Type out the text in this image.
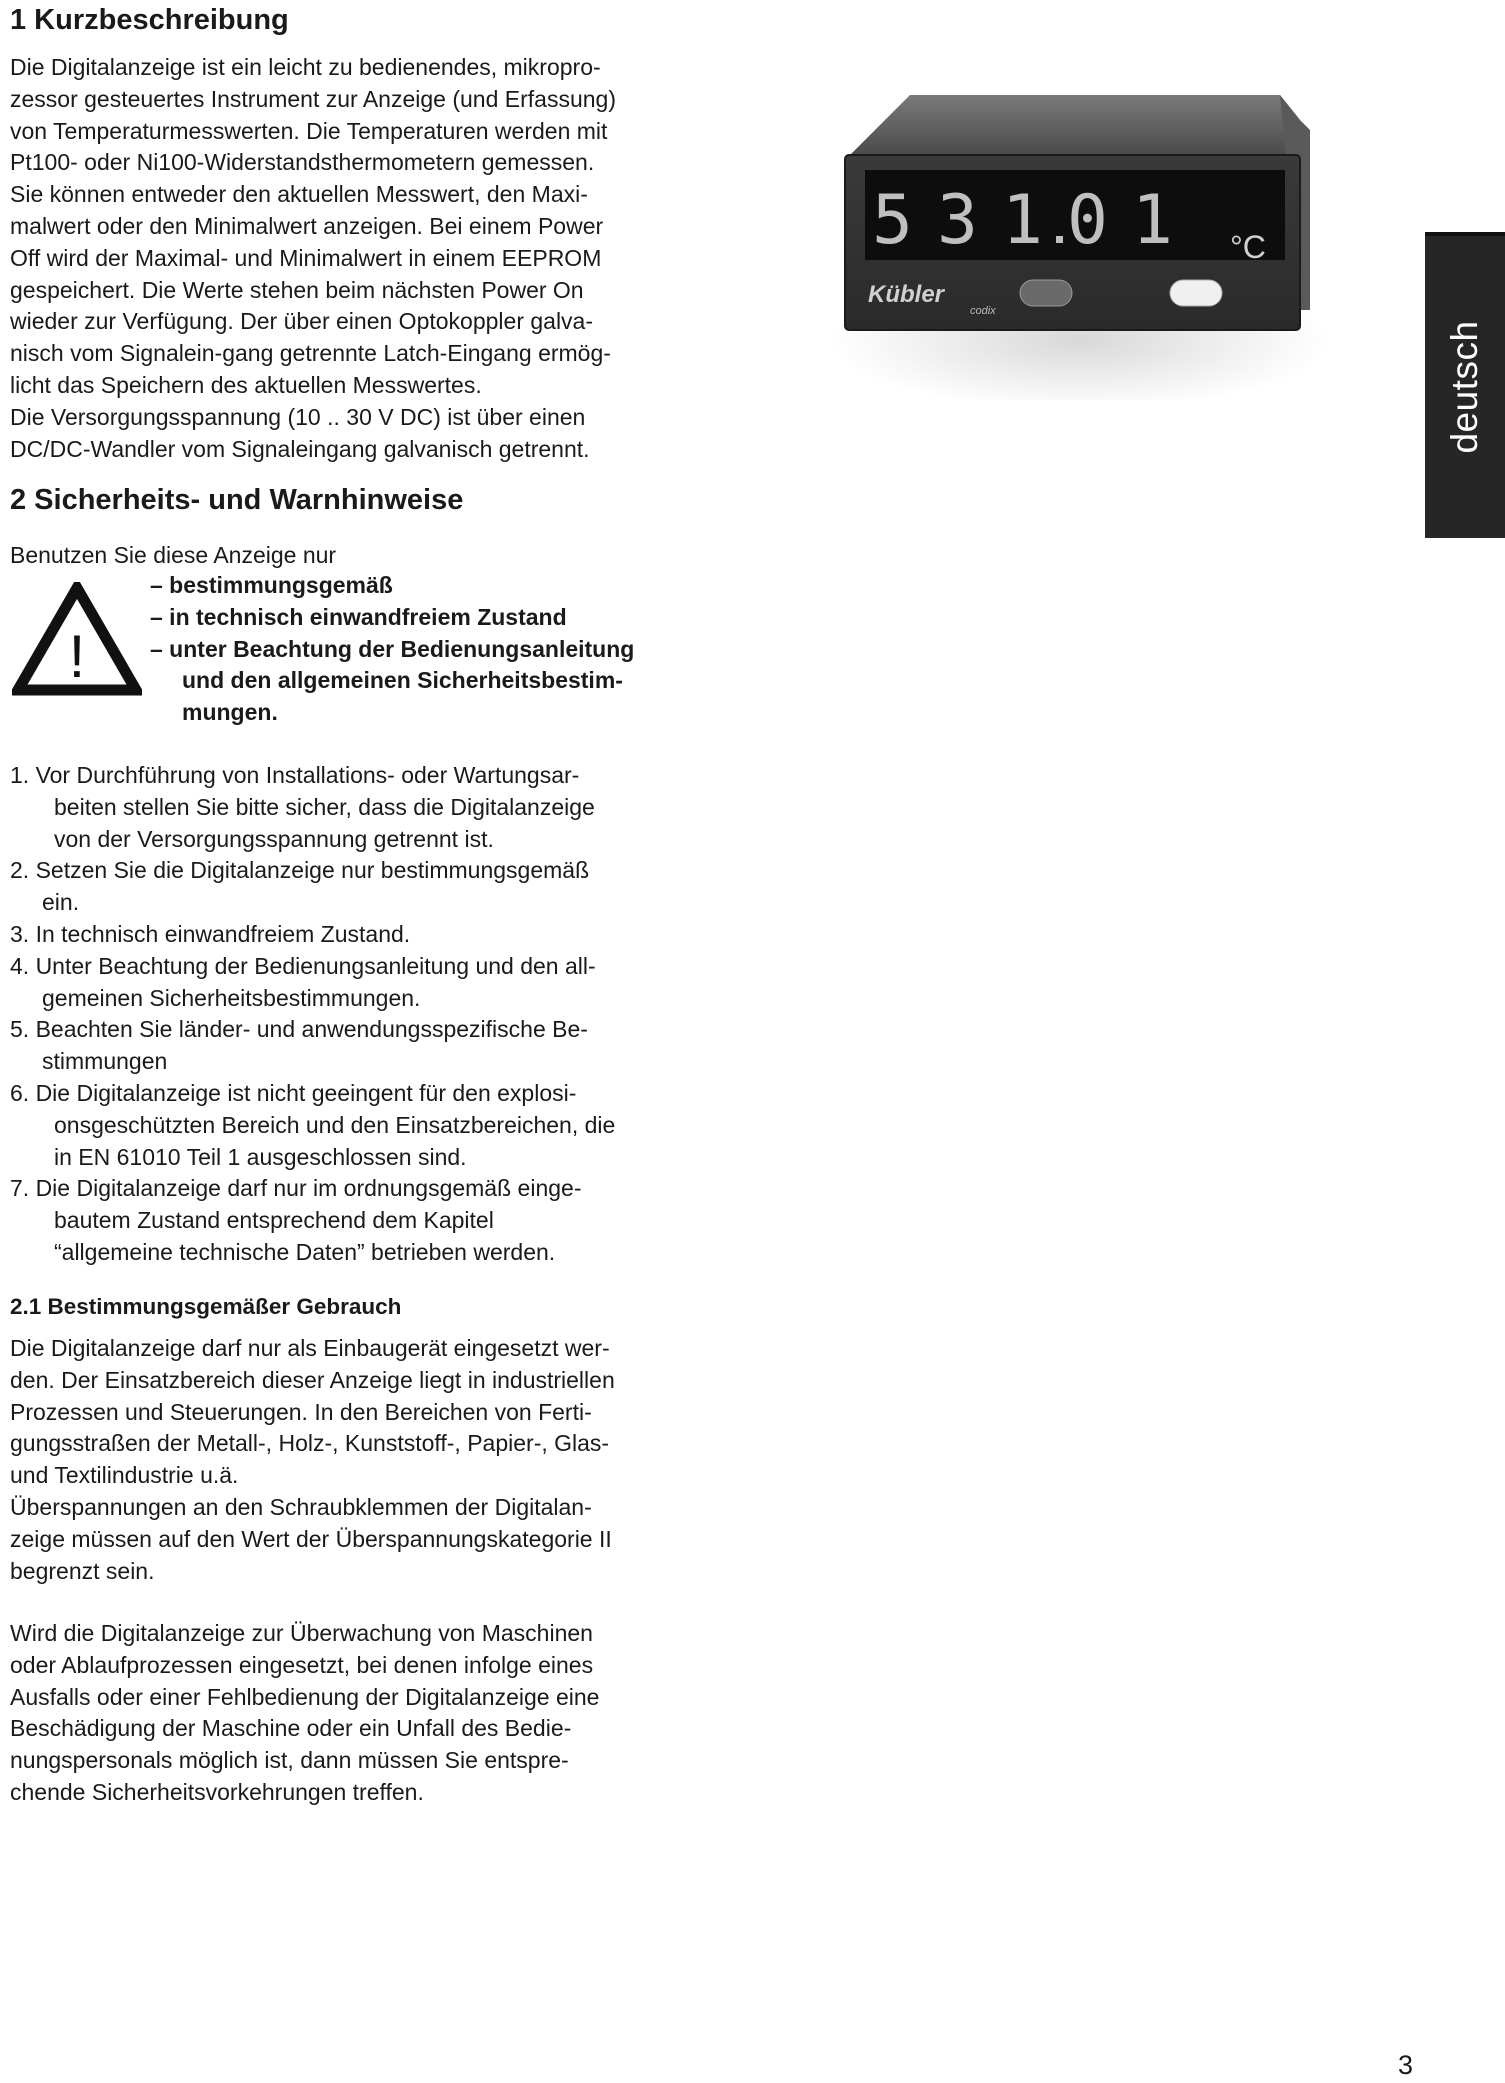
1 Kurzbeschreibung

Die Digitalanzeige ist ein leicht zu bedienendes, mikropro-

zessor gesteuertes Instrument zur Anzeige (und Erfassung)

von Temperaturmesswerten. Die Temperaturen werden mit

Pt100- oder Ni100-Widerstandsthermometern gemessen.

Sie können entweder den aktuellen Messwert, den Maxi-

malwert oder den Minimalwert anzeigen. Bei einem Power

Off wird der Maximal- und Minimalwert in einem EEPROM

gespeichert. Die Werte stehen beim nächsten Power On

wieder zur Verfügung. Der über einen Optokoppler galva-

nisch vom Signalein-gang getrennte Latch-Eingang ermög-

licht das Speichern des aktuellen Messwertes.

Die Versorgungsspannung (10 .. 30 V DC) ist über einen

DC/DC-Wandler vom Signaleingang galvanisch getrennt.

5 3 1 0 1 °C
Kübler
codix
2 Sicherheits- und Warnhinweise

Benutzen Sie diese Anzeige nur

!
– bestimmungsgemäß
– in technisch einwandfreiem Zustand
– unter Beachtung der Bedienungsanleitung
und den allgemeinen Sicherheitsbestim-
mungen.
1. Vor Durchführung von Installations- oder Wartungsar-
beiten stellen Sie bitte sicher, dass die Digitalanzeige
von der Versorgungsspannung getrennt ist.
2. Setzen Sie die Digitalanzeige nur bestimmungsgemäß
ein.
3. In technisch einwandfreiem Zustand.
4. Unter Beachtung der Bedienungsanleitung und den all-
gemeinen Sicherheitsbestimmungen.
5. Beachten Sie länder- und anwendungsspezifische Be-
stimmungen
6. Die Digitalanzeige ist nicht geeingent für den explosi-
onsgeschützten Bereich und den Einsatzbereichen, die
in EN 61010 Teil 1 ausgeschlossen sind.
7. Die Digitalanzeige darf nur im ordnungsgemäß einge-
bautem Zustand entsprechend dem Kapitel
“allgemeine technische Daten” betrieben werden.
2.1 Bestimmungsgemäßer Gebrauch

Die Digitalanzeige darf nur als Einbaugerät eingesetzt wer-

den. Der Einsatzbereich dieser Anzeige liegt in industriellen

Prozessen und Steuerungen. In den Bereichen von Ferti-

gungsstraßen der Metall-, Holz-, Kunststoff-, Papier-, Glas-

und Textilindustrie u.ä.

Überspannungen an den Schraubklemmen der Digitalan-

zeige müssen auf den Wert der Überspannungskategorie II

begrenzt sein.

Wird die Digitalanzeige zur Überwachung von Maschinen

oder Ablaufprozessen eingesetzt, bei denen infolge eines

Ausfalls oder einer Fehlbedienung der Digitalanzeige eine

Beschädigung der Maschine oder ein Unfall des Bedie-

nungspersonals möglich ist, dann müssen Sie entspre-

chende Sicherheitsvorkehrungen treffen.

deutsch
3
